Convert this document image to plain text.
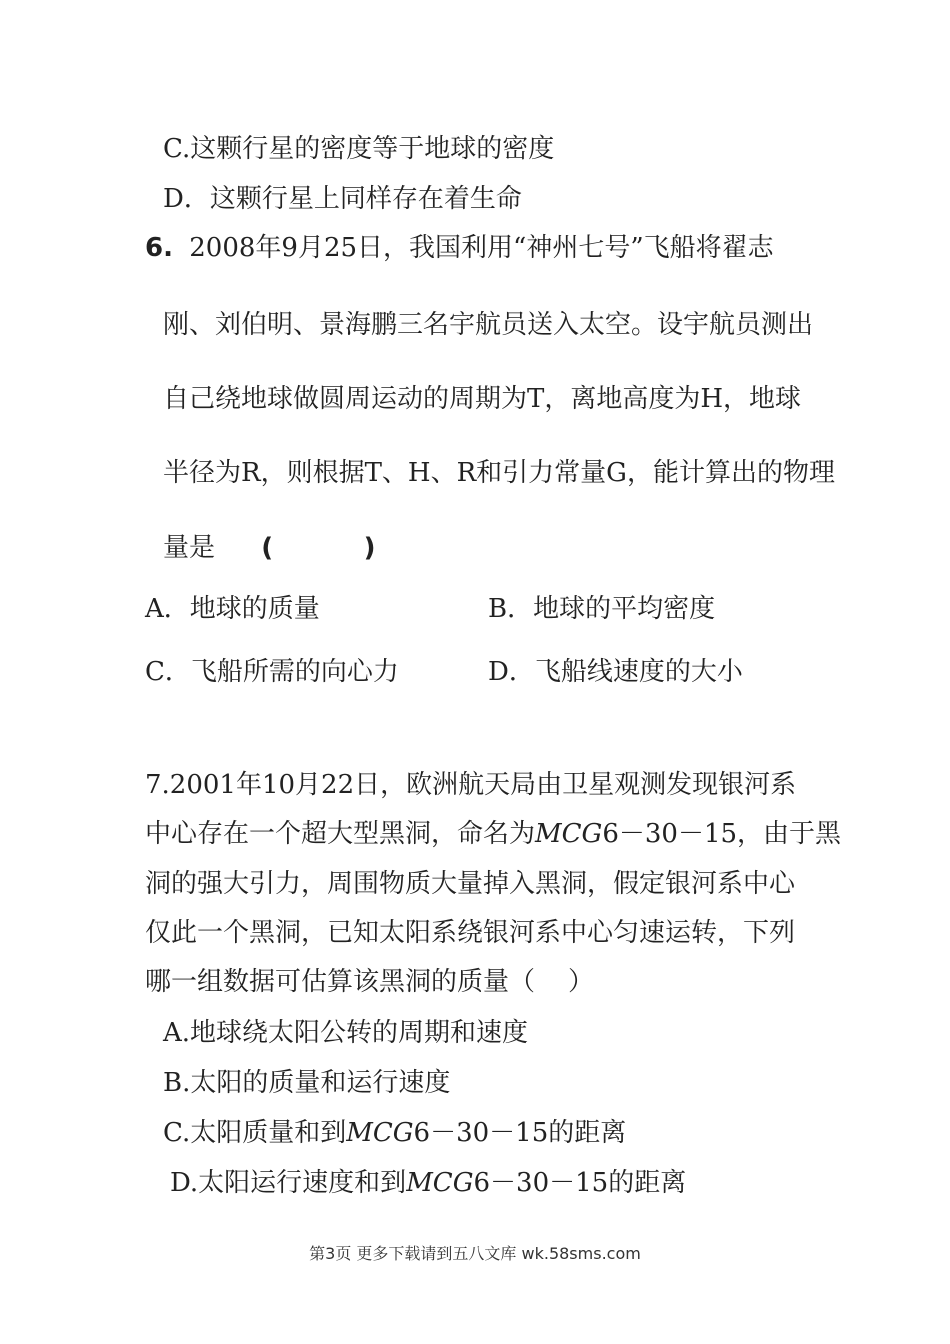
C.这颗行星的密度等于地球的密度
D．这颗行星上同样存在着生命
6. 2008年9月25日，我国利用“神州七号”飞船将翟志
刚、刘伯明、景海鹏三名宇航员送入太空。设宇航员测出
自己绕地球做圆周运动的周期为T，离地高度为H，地球
半径为R，则根据T、H、R和引力常量G，能计算出的物理
量是 (          )
A．地球的质量	B．地球的平均密度
C．飞船所需的向心力	D．飞船线速度的大小
7.2001年10月22日，欧洲航天局由卫星观测发现银河系
中心存在一个超大型黑洞，命名为MCG6－30－15，由于黑
洞的强大引力，周围物质大量掉入黑洞，假定银河系中心
仅此一个黑洞，已知太阳系绕银河系中心匀速运转，下列
哪一组数据可估算该黑洞的质量（    ）
A.地球绕太阳公转的周期和速度
B.太阳的质量和运行速度
C.太阳质量和到MCG6－30－15的距离
D.太阳运行速度和到MCG6－30－15的距离
第3页 更多下载请到五八文库 wk.58sms.com
